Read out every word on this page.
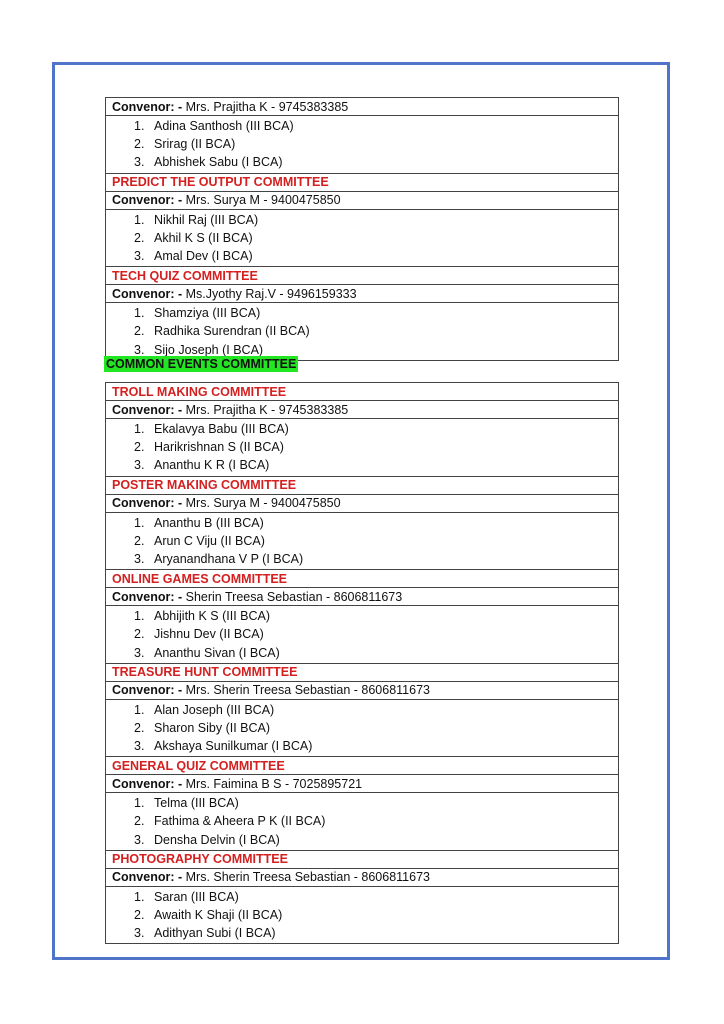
Convenor: - Mrs. Prajitha K - 9745383385

1. Adina Santhosh (III BCA)
2. Srirag (II BCA)
3. Abhishek Sabu (I BCA)

PREDICT THE OUTPUT COMMITTEE
Convenor: - Mrs. Surya M - 9400475850

1. Nikhil Raj (III BCA)
2. Akhil K S (II BCA)
3. Amal Dev (I BCA)

TECH QUIZ COMMITTEE
Convenor: - Ms.Jyothy Raj.V - 9496159333

1. Shamziya (III BCA)
2. Radhika Surendran (II BCA)
3. Sijo Joseph (I BCA)
COMMON EVENTS COMMITTEE
TROLL MAKING COMMITTEE
Convenor: - Mrs. Prajitha K - 9745383385

1. Ekalavya Babu (III BCA)
2. Harikrishnan S (II BCA)
3. Ananthu K R (I BCA)

POSTER MAKING COMMITTEE
Convenor: - Mrs. Surya M - 9400475850

1. Ananthu B (III BCA)
2. Arun C Viju (II BCA)
3. Aryanandhana V P (I BCA)

ONLINE GAMES COMMITTEE
Convenor: - Sherin Treesa Sebastian - 8606811673

1. Abhijith K S (III BCA)
2. Jishnu Dev (II BCA)
3. Ananthu Sivan (I BCA)

TREASURE HUNT COMMITTEE
Convenor: - Mrs. Sherin Treesa Sebastian - 8606811673

1. Alan Joseph (III BCA)
2. Sharon Siby (II BCA)
3. Akshaya Sunilkumar (I BCA)

GENERAL QUIZ COMMITTEE
Convenor: - Mrs. Faimina B S - 7025895721

1. Telma (III BCA)
2. Fathima & Aheera P K (II BCA)
3. Densha Delvin (I BCA)

PHOTOGRAPHY COMMITTEE
Convenor: - Mrs. Sherin Treesa Sebastian - 8606811673

1. Saran (III BCA)
2. Awaith K Shaji (II BCA)
3. Adithyan Subi (I BCA)
